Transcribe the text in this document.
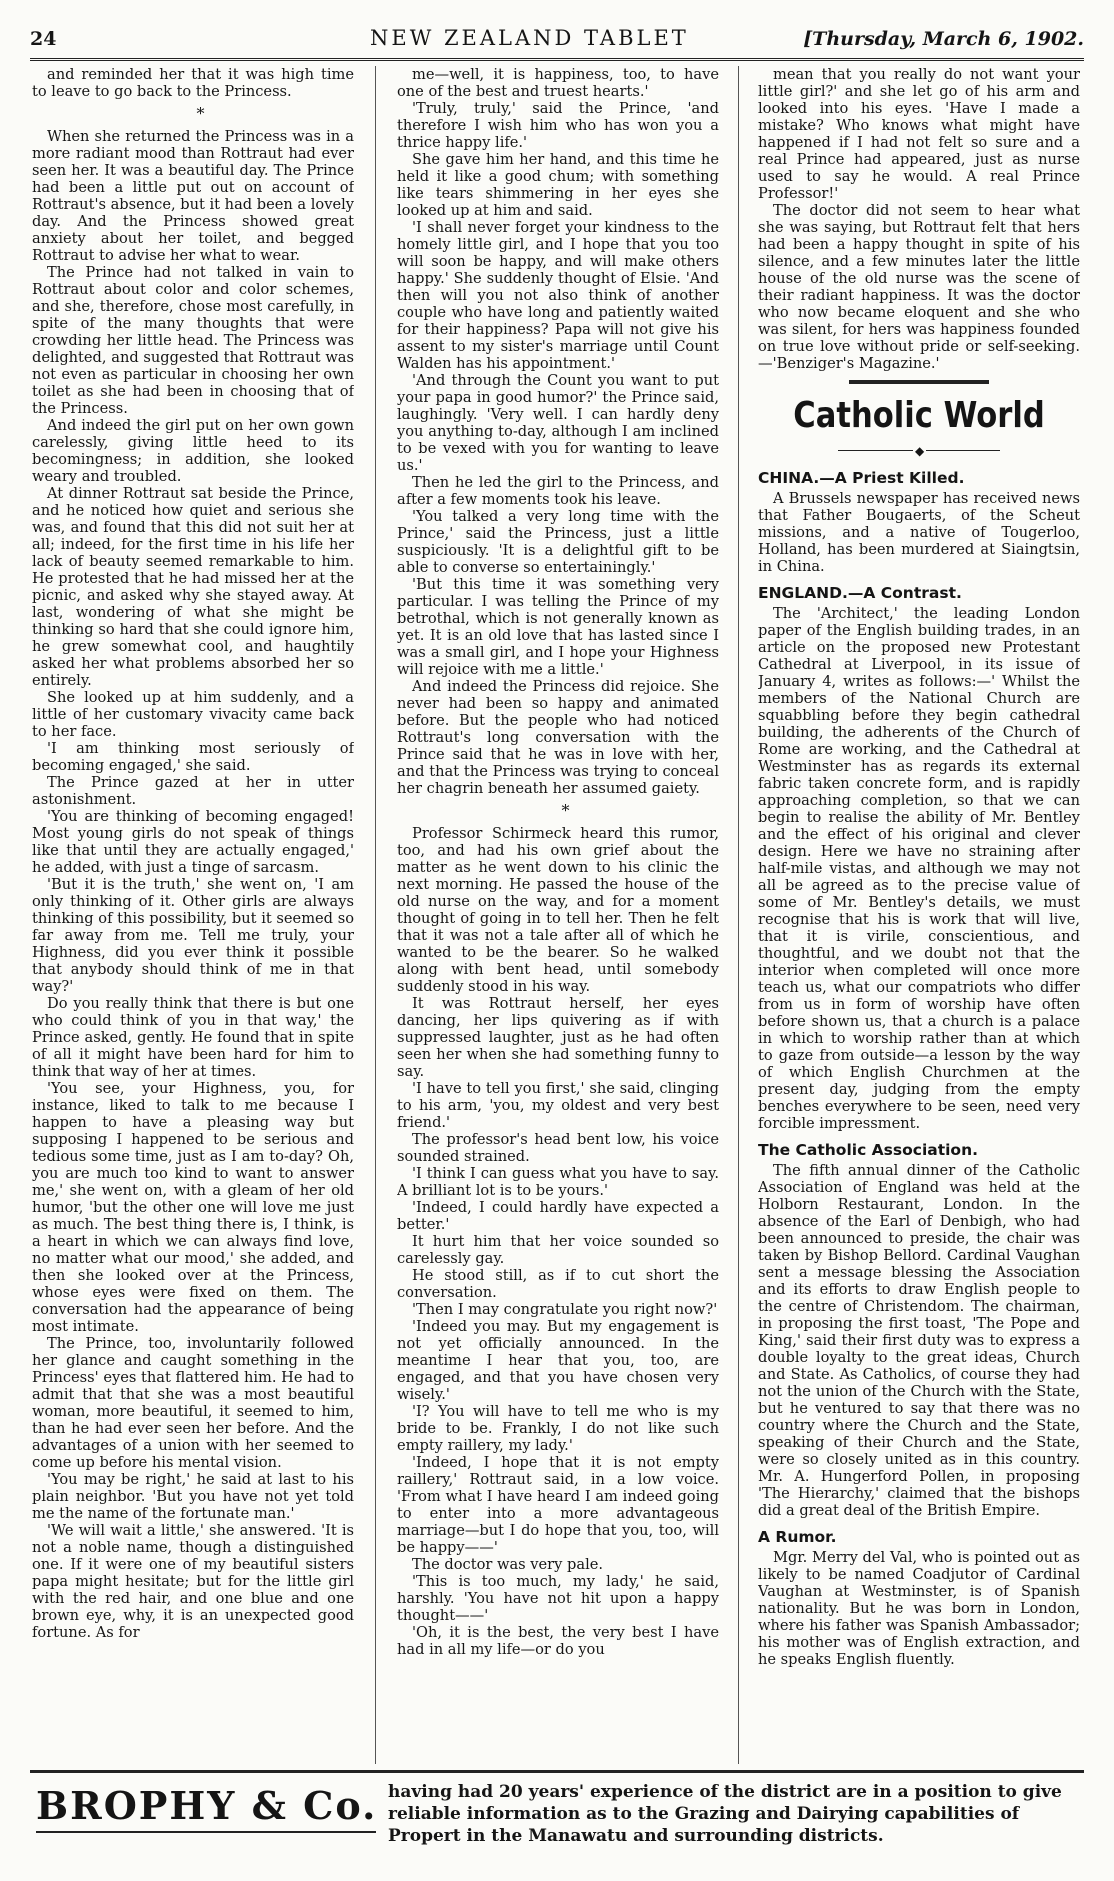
24	NEW ZEALAND TABLET	[Thursday, March 6, 1902.

and reminded her that it was high time to leave to go back to the Princess.

*

When she returned the Princess was in a more radiant mood than Rottraut had ever seen her. It was a beautiful day. The Prince had been a little put out on account of Rottraut's absence, but it had been a lovely day. And the Princess showed great anxiety about her toilet, and begged Rottraut to advise her what to wear.

The Prince had not talked in vain to Rottraut about color and color schemes, and she, therefore, chose most carefully, in spite of the many thoughts that were crowding her little head. The Princess was delighted, and suggested that Rottraut was not even as particular in choosing her own toilet as she had been in choosing that of the Princess.

And indeed the girl put on her own gown carelessly, giving little heed to its becomingness; in addition, she looked weary and troubled.

At dinner Rottraut sat beside the Prince, and he noticed how quiet and serious she was, and found that this did not suit her at all; indeed, for the first time in his life her lack of beauty seemed remarkable to him. He protested that he had missed her at the picnic, and asked why she stayed away. At last, wondering of what she might be thinking so hard that she could ignore him, he grew somewhat cool, and haughtily asked her what problems absorbed her so entirely.

She looked up at him suddenly, and a little of her customary vivacity came back to her face.

'I am thinking most seriously of becoming engaged,' she said.

The Prince gazed at her in utter astonishment.

'You are thinking of becoming engaged! Most young girls do not speak of things like that until they are actually engaged,' he added, with just a tinge of sarcasm.

'But it is the truth,' she went on, 'I am only thinking of it. Other girls are always thinking of this possibility, but it seemed so far away from me. Tell me truly, your Highness, did you ever think it possible that anybody should think of me in that way?'

Do you really think that there is but one who could think of you in that way,' the Prince asked, gently. He found that in spite of all it might have been hard for him to think that way of her at times.

'You see, your Highness, you, for instance, liked to talk to me because I happen to have a pleasing way but supposing I happened to be serious and tedious some time, just as I am to-day? Oh, you are much too kind to want to answer me,' she went on, with a gleam of her old humor, 'but the other one will love me just as much. The best thing there is, I think, is a heart in which we can always find love, no matter what our mood,' she added, and then she looked over at the Princess, whose eyes were fixed on them. The conversation had the appearance of being most intimate.

The Prince, too, involuntarily followed her glance and caught something in the Princess' eyes that flattered him. He had to admit that that she was a most beautiful woman, more beautiful, it seemed to him, than he had ever seen her before. And the advantages of a union with her seemed to come up before his mental vision.

'You may be right,' he said at last to his plain neighbor. 'But you have not yet told me the name of the fortunate man.'

'We will wait a little,' she answered. 'It is not a noble name, though a distinguished one. If it were one of my beautiful sisters papa might hesitate; but for the little girl with the red hair, and one blue and one brown eye, why, it is an unexpected good fortune. As for

me—well, it is happiness, too, to have one of the best and truest hearts.'

'Truly, truly,' said the Prince, 'and therefore I wish him who has won you a thrice happy life.'

She gave him her hand, and this time he held it like a good chum; with something like tears shimmering in her eyes she looked up at him and said.

'I shall never forget your kindness to the homely little girl, and I hope that you too will soon be happy, and will make others happy.' She suddenly thought of Elsie. 'And then will you not also think of another couple who have long and patiently waited for their happiness? Papa will not give his assent to my sister's marriage until Count Walden has his appointment.'

'And through the Count you want to put your papa in good humor?' the Prince said, laughingly. 'Very well. I can hardly deny you anything to-day, although I am inclined to be vexed with you for wanting to leave us.'

Then he led the girl to the Princess, and after a few moments took his leave.

'You talked a very long time with the Prince,' said the Princess, just a little suspiciously. 'It is a delightful gift to be able to converse so entertainingly.'

'But this time it was something very particular. I was telling the Prince of my betrothal, which is not generally known as yet. It is an old love that has lasted since I was a small girl, and I hope your Highness will rejoice with me a little.'

And indeed the Princess did rejoice. She never had been so happy and animated before. But the people who had noticed Rottraut's long conversation with the Prince said that he was in love with her, and that the Princess was trying to conceal her chagrin beneath her assumed gaiety.

*

Professor Schirmeck heard this rumor, too, and had his own grief about the matter as he went down to his clinic the next morning. He passed the house of the old nurse on the way, and for a moment thought of going in to tell her. Then he felt that it was not a tale after all of which he wanted to be the bearer. So he walked along with bent head, until somebody suddenly stood in his way.

It was Rottraut herself, her eyes dancing, her lips quivering as if with suppressed laughter, just as he had often seen her when she had something funny to say.

'I have to tell you first,' she said, clinging to his arm, 'you, my oldest and very best friend.'

The professor's head bent low, his voice sounded strained.

'I think I can guess what you have to say. A brilliant lot is to be yours.'

'Indeed, I could hardly have expected a better.'

It hurt him that her voice sounded so carelessly gay.

He stood still, as if to cut short the conversation.

'Then I may congratulate you right now?'

'Indeed you may. But my engagement is not yet officially announced. In the meantime I hear that you, too, are engaged, and that you have chosen very wisely.'

'I? You will have to tell me who is my bride to be. Frankly, I do not like such empty raillery, my lady.'

'Indeed, I hope that it is not empty raillery,' Rottraut said, in a low voice. 'From what I have heard I am indeed going to enter into a more advantageous marriage—but I do hope that you, too, will be happy——'

The doctor was very pale.

'This is too much, my lady,' he said, harshly. 'You have not hit upon a happy thought——'

'Oh, it is the best, the very best I have had in all my life—or do you

mean that you really do not want your little girl?' and she let go of his arm and looked into his eyes. 'Have I made a mistake? Who knows what might have happened if I had not felt so sure and a real Prince had appeared, just as nurse used to say he would. A real Prince Professor!'

The doctor did not seem to hear what she was saying, but Rottraut felt that hers had been a happy thought in spite of his silence, and a few minutes later the little house of the old nurse was the scene of their radiant happiness. It was the doctor who now became eloquent and she who was silent, for hers was happiness founded on true love without pride or self-seeking.—'Benziger's Magazine.'

Catholic World
◆
CHINA.—A Priest Killed.

A Brussels newspaper has received news that Father Bougaerts, of the Scheut missions, and a native of Tougerloo, Holland, has been murdered at Siaingtsin, in China.

ENGLAND.—A Contrast.

The 'Architect,' the leading London paper of the English building trades, in an article on the proposed new Protestant Cathedral at Liverpool, in its issue of January 4, writes as follows:—' Whilst the members of the National Church are squabbling before they begin cathedral building, the adherents of the Church of Rome are working, and the Cathedral at Westminster has as regards its external fabric taken concrete form, and is rapidly approaching completion, so that we can begin to realise the ability of Mr. Bentley and the effect of his original and clever design. Here we have no straining after half-mile vistas, and although we may not all be agreed as to the precise value of some of Mr. Bentley's details, we must recognise that his is work that will live, that it is virile, conscientious, and thoughtful, and we doubt not that the interior when completed will once more teach us, what our compatriots who differ from us in form of worship have often before shown us, that a church is a palace in which to worship rather than at which to gaze from outside—a lesson by the way of which English Churchmen at the present day, judging from the empty benches everywhere to be seen, need very forcible impressment.

The Catholic Association.

The fifth annual dinner of the Catholic Association of England was held at the Holborn Restaurant, London. In the absence of the Earl of Denbigh, who had been announced to preside, the chair was taken by Bishop Bellord. Cardinal Vaughan sent a message blessing the Association and its efforts to draw English people to the centre of Christendom. The chairman, in proposing the first toast, 'The Pope and King,' said their first duty was to express a double loyalty to the great ideas, Church and State. As Catholics, of course they had not the union of the Church with the State, but he ventured to say that there was no country where the Church and the State, speaking of their Church and the State, were so closely united as in this country. Mr. A. Hungerford Pollen, in proposing 'The Hierarchy,' claimed that the bishops did a great deal of the British Empire.

A Rumor.

Mgr. Merry del Val, who is pointed out as likely to be named Coadjutor of Cardinal Vaughan at Westminster, is of Spanish nationality. But he was born in London, where his father was Spanish Ambassador; his mother was of English extraction, and he speaks English fluently.

BROPHY & Co. having had 20 years' experience of the district are in a position to give reliable information as to the Grazing and Dairying capabilities of Propert in the Manawatu and surrounding districts.
